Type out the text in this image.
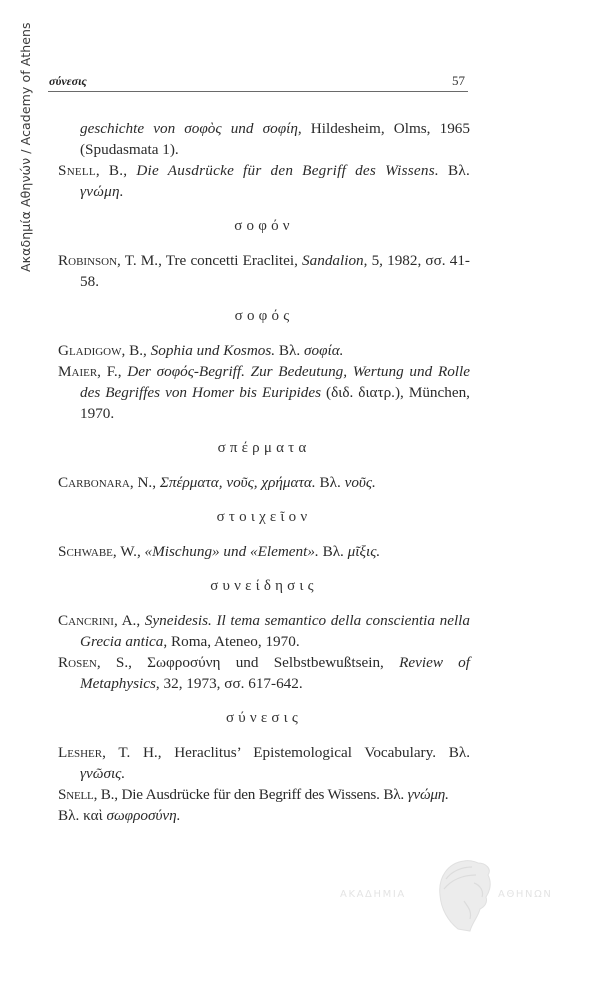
Ακαδημία Αθηνών / Academy of Athens σύνεσις	57
geschichte von σοφὸς und σοφίη, Hildesheim, Olms, 1965 (Spudasmata 1).
Snell, B., Die Ausdrücke für den Begriff des Wissens. Βλ. γνώμη.
σοφόν
Robinson, T. M., Tre concetti Eraclitei, Sandalion, 5, 1982, σσ. 41-58.
σοφός
Gladigow, B., Sophia und Kosmos. Βλ. σοφία.
Maier, F., Der σοφός-Begriff. Zur Bedeutung, Wertung und Rolle des Begriffes von Homer bis Euripides (διδ. διατρ.), München, 1970.
σπέρματα
Carbonara, N., Σπέρματα, νοῦς, χρήματα. Βλ. νοῦς.
στοιχεῖον
Schwabe, W., «Mischung» und «Element». Βλ. μῖξις.
συνείδησις
Cancrini, A., Syneidesis. Il tema semantico della conscientia nella Grecia antica, Roma, Ateneo, 1970.
Rosen, S., Σωφροσύνη und Selbstbewußtsein, Review of Metaphysics, 32, 1973, σσ. 617-642.
σύνεσις
Lesher, T. H., Heraclitus’ Epistemological Vocabulary. Βλ. γνῶσις.
Snell, B., Die Ausdrücke für den Begriff des Wissens. Βλ. γνώμη.
Βλ. καὶ σωφροσύνη.
ΑΚΑΔΗΜΙΑ	ΑΘΗΝΩΝ
